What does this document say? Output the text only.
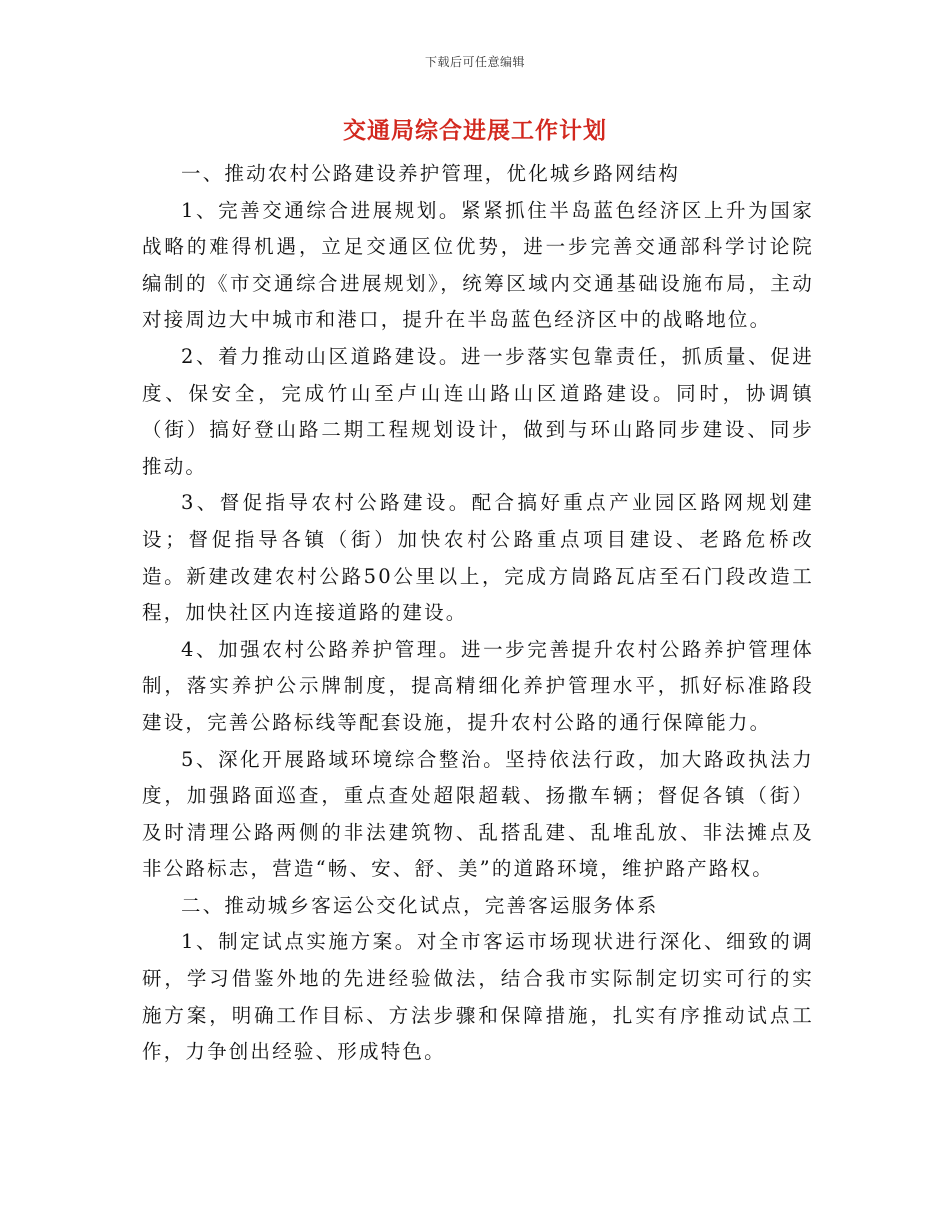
下载后可任意编辑
交通局综合进展工作计划

一、推动农村公路建设养护管理，优化城乡路网结构

1、完善交通综合进展规划。紧紧抓住半岛蓝色经济区上升为国家战略的难得机遇，立足交通区位优势，进一步完善交通部科学讨论院编制的《市交通综合进展规划》，统筹区域内交通基础设施布局，主动对接周边大中城市和港口，提升在半岛蓝色经济区中的战略地位。

2、着力推动山区道路建设。进一步落实包靠责任，抓质量、促进度、保安全，完成竹山至卢山连山路山区道路建设。同时，协调镇（街）搞好登山路二期工程规划设计，做到与环山路同步建设、同步推动。

3、督促指导农村公路建设。配合搞好重点产业园区路网规划建设；督促指导各镇（街）加快农村公路重点项目建设、老路危桥改造。新建改建农村公路50公里以上，完成方峝路瓦店至石门段改造工程，加快社区内连接道路的建设。

4、加强农村公路养护管理。进一步完善提升农村公路养护管理体制，落实养护公示牌制度，提高精细化养护管理水平，抓好标准路段建设，完善公路标线等配套设施，提升农村公路的通行保障能力。

5、深化开展路域环境综合整治。坚持依法行政，加大路政执法力度，加强路面巡查，重点查处超限超载、扬撒车辆；督促各镇（街）及时清理公路两侧的非法建筑物、乱搭乱建、乱堆乱放、非法摊点及非公路标志，营造“畅、安、舒、美”的道路环境，维护路产路权。

二、推动城乡客运公交化试点，完善客运服务体系

1、制定试点实施方案。对全市客运市场现状进行深化、细致的调研，学习借鉴外地的先进经验做法，结合我市实际制定切实可行的实施方案，明确工作目标、方法步骤和保障措施，扎实有序推动试点工作，力争创出经验、形成特色。
